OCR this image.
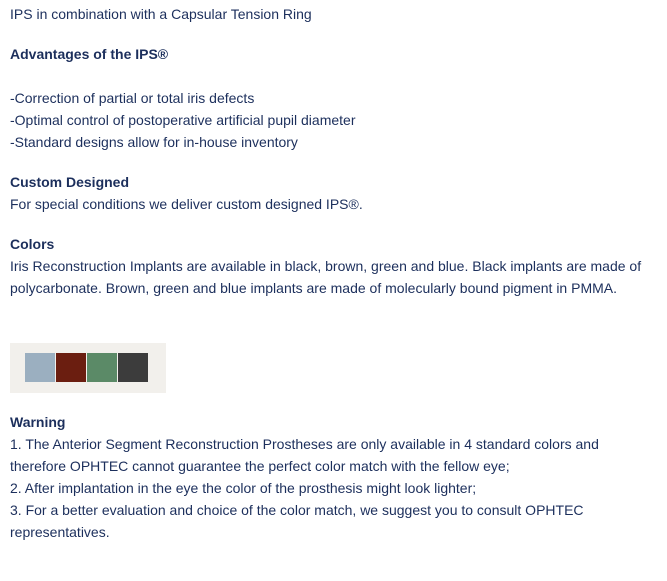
IPS in combination with a Capsular Tension Ring
Advantages of the IPS®
-Correction of partial or total iris defects
-Optimal control of postoperative artificial pupil diameter
-Standard designs allow for in-house inventory
Custom Designed
For special conditions we deliver custom designed IPS®.
Colors
Iris Reconstruction Implants are available in black, brown, green and blue. Black implants are made of polycarbonate. Brown, green and blue implants are made of molecularly bound pigment in PMMA.
Warning
1. The Anterior Segment Reconstruction Prostheses are only available in 4 standard colors and therefore OPHTEC cannot guarantee the perfect color match with the fellow eye;
2. After implantation in the eye the color of the prosthesis might look lighter;
3. For a better evaluation and choice of the color match, we suggest you to consult OPHTEC representatives.
